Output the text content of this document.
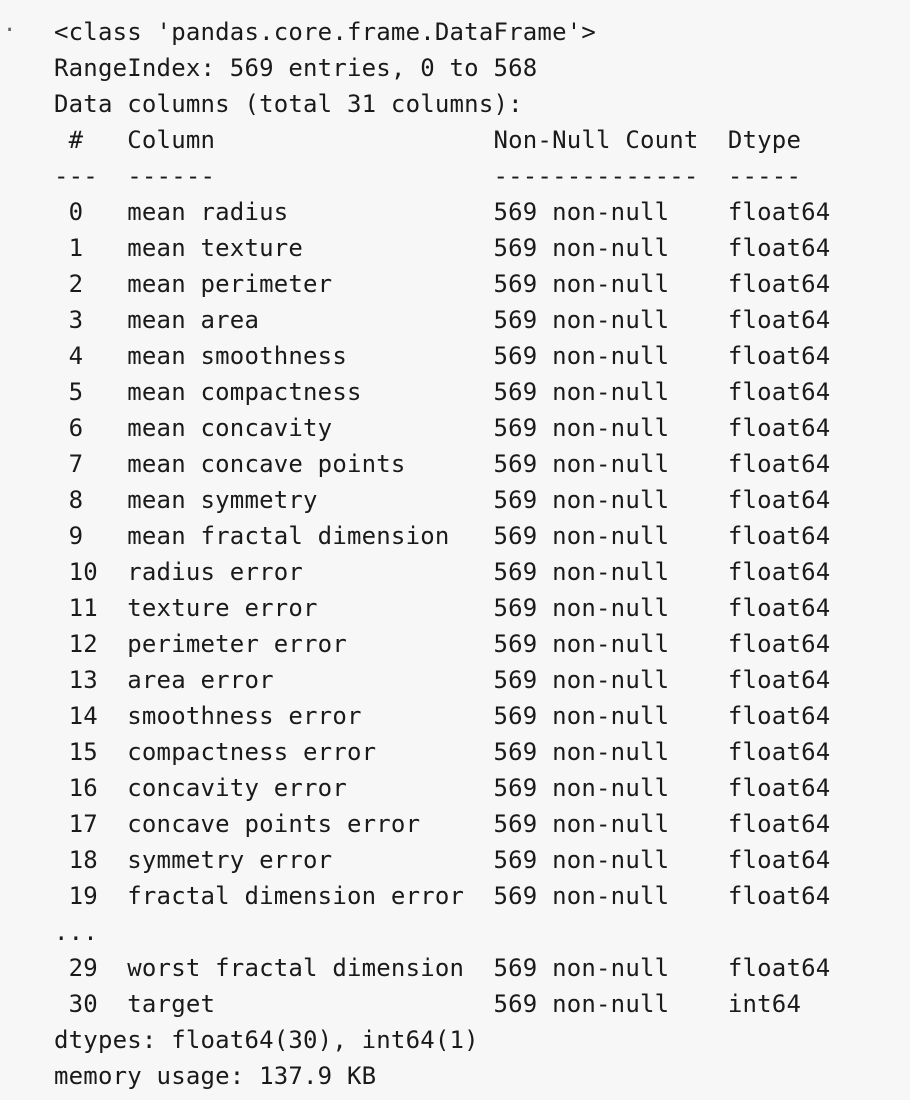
· <class 'pandas.core.frame.DataFrame'>
RangeIndex: 569 entries, 0 to 568
Data columns (total 31 columns):
#   Column                   Non-Null Count  Dtype
---  ------                   --------------  -----
0   mean radius              569 non-null    float64
1   mean texture             569 non-null    float64
2   mean perimeter           569 non-null    float64
3   mean area                569 non-null    float64
4   mean smoothness          569 non-null    float64
5   mean compactness         569 non-null    float64
6   mean concavity           569 non-null    float64
7   mean concave points      569 non-null    float64
8   mean symmetry            569 non-null    float64
9   mean fractal dimension   569 non-null    float64
10  radius error             569 non-null    float64
11  texture error            569 non-null    float64
12  perimeter error          569 non-null    float64
13  area error               569 non-null    float64
14  smoothness error         569 non-null    float64
15  compactness error        569 non-null    float64
16  concavity error          569 non-null    float64
17  concave points error     569 non-null    float64
18  symmetry error           569 non-null    float64
19  fractal dimension error  569 non-null    float64
...
29  worst fractal dimension  569 non-null    float64
30  target                   569 non-null    int64
dtypes: float64(30), int64(1)
memory usage: 137.9 KB
